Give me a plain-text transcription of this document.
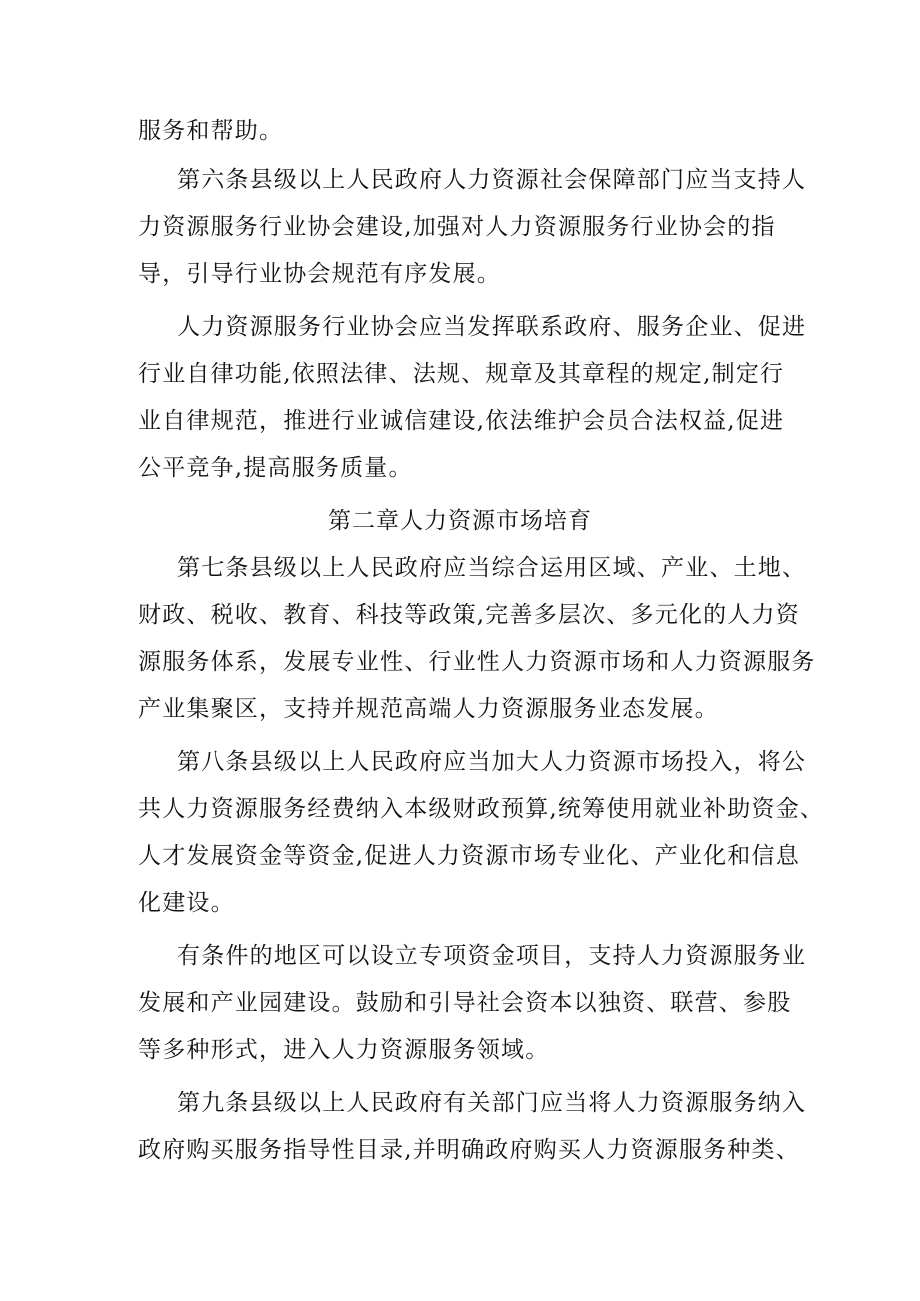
服务和帮助。
第六条县级以上人民政府人力资源社会保障部门应当支持人
力资源服务行业协会建设,加强对人力资源服务行业协会的指
导，引导行业协会规范有序发展。
人力资源服务行业协会应当发挥联系政府、服务企业、促进
行业自律功能,依照法律、法规、规章及其章程的规定,制定行
业自律规范，推进行业诚信建设,依法维护会员合法权益,促进
公平竞争,提高服务质量。
第二章人力资源市场培育
第七条县级以上人民政府应当综合运用区域、产业、土地、
财政、税收、教育、科技等政策,完善多层次、多元化的人力资
源服务体系，发展专业性、行业性人力资源市场和人力资源服务
产业集聚区，支持并规范高端人力资源服务业态发展。
第八条县级以上人民政府应当加大人力资源市场投入，将公
共人力资源服务经费纳入本级财政预算,统筹使用就业补助资金、
人才发展资金等资金,促进人力资源市场专业化、产业化和信息
化建设。
有条件的地区可以设立专项资金项目，支持人力资源服务业
发展和产业园建设。鼓励和引导社会资本以独资、联营、参股
等多种形式，进入人力资源服务领域。
第九条县级以上人民政府有关部门应当将人力资源服务纳入
政府购买服务指导性目录,并明确政府购买人力资源服务种类、
